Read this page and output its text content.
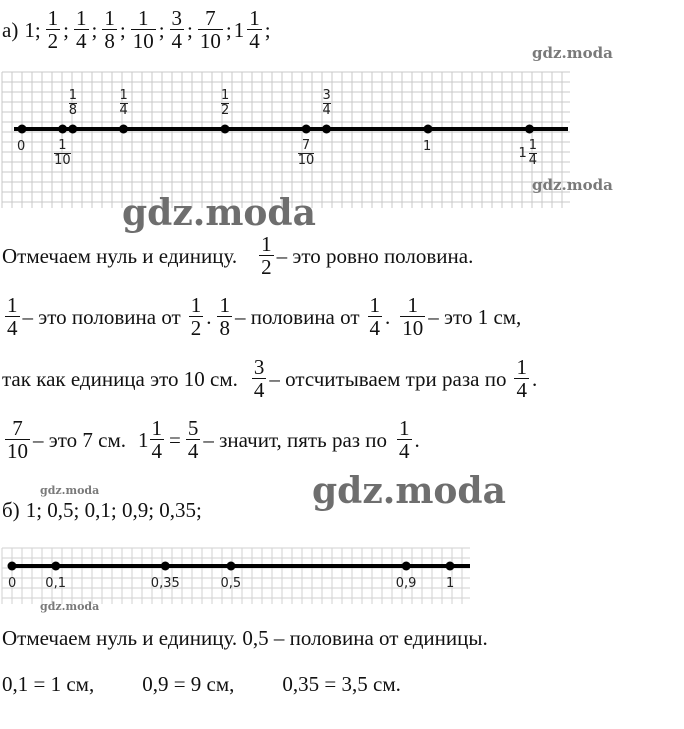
а) 1 ; $\frac{1}{2}$ ; $\frac{1}{4}$ ; $\frac{1}{8}$ ; $\frac{1}{10}$ ; $\frac{3}{4}$ ; $\frac{7}{10}$ ; $1 \frac{1}{4}$ ;
Отмечаем нуль и единицу. $\frac{1}{2}$ – это ровно половина.
$\frac{1}{4}$ – это половина от $\frac{1}{2}$ . $\frac{1}{8}$ – половина от $\frac{1}{4}$ . $\frac{1}{10}$ – это 1 см,
так как единица это 10 см. $\frac{3}{4}$ – отсчитываем три раза по $\frac{1}{4}$ .
$\frac{7}{10}$ – это 7 см. $1 \frac{1}{4} = \frac{5}{4}$ – значит, пять раз по $\frac{1}{4}$ .
б) 1; 0,5; 0,1; 0,9; 0,35;
Отмечаем нуль и единицу. 0,5 – половина от единицы.
0,1 = 1 см, 0,9 = 9 см, 0,35 = 3,5 см.
gdz.moda
gdz.moda
gdz.moda
gdz.moda
gdz.moda
gdz.moda
0	1
10
1
8
1
4
1
2
7
10
3
4
1	1
1
4
0 0,1	0,35	0,5	0,9 1
